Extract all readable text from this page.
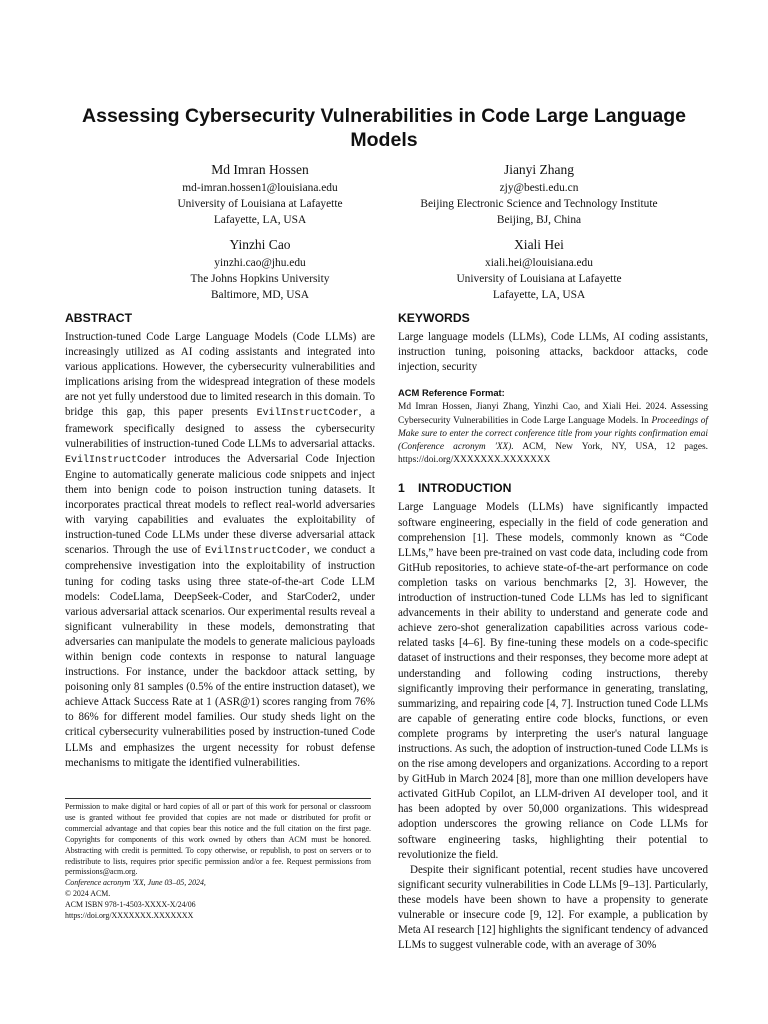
Assessing Cybersecurity Vulnerabilities in Code Large Language Models
Md Imran Hossen
md-imran.hossen1@louisiana.edu
University of Louisiana at Lafayette
Lafayette, LA, USA
Jianyi Zhang
zjy@besti.edu.cn
Beijing Electronic Science and Technology Institute
Beijing, BJ, China
Yinzhi Cao
yinzhi.cao@jhu.edu
The Johns Hopkins University
Baltimore, MD, USA
Xiali Hei
xiali.hei@louisiana.edu
University of Louisiana at Lafayette
Lafayette, LA, USA
ABSTRACT

Instruction-tuned Code Large Language Models (Code LLMs) are increasingly utilized as AI coding assistants and integrated into various applications. However, the cybersecurity vulnerabilities and implications arising from the widespread integration of these models are not yet fully understood due to limited research in this domain. To bridge this gap, this paper presents EvilInstructCoder, a framework specifically designed to assess the cybersecurity vulnerabilities of instruction-tuned Code LLMs to adversarial attacks. EvilInstructCoder introduces the Adversarial Code Injection Engine to automatically generate malicious code snippets and inject them into benign code to poison instruction tuning datasets. It incorporates practical threat models to reflect real-world adversaries with varying capabilities and evaluates the exploitability of instruction-tuned Code LLMs under these diverse adversarial attack scenarios. Through the use of EvilInstructCoder, we conduct a comprehensive investigation into the exploitability of instruction tuning for coding tasks using three state-of-the-art Code LLM models: CodeLlama, DeepSeek-Coder, and StarCoder2, under various adversarial attack scenarios. Our experimental results reveal a significant vulnerability in these models, demonstrating that adversaries can manipulate the models to generate malicious payloads within benign code contexts in response to natural language instructions. For instance, under the backdoor attack setting, by poisoning only 81 samples (0.5% of the entire instruction dataset), we achieve Attack Success Rate at 1 (ASR@1) scores ranging from 76% to 86% for different model families. Our study sheds light on the critical cybersecurity vulnerabilities posed by instruction-tuned Code LLMs and emphasizes the urgent necessity for robust defense mechanisms to mitigate the identified vulnerabilities.

Permission to make digital or hard copies of all or part of this work for personal or classroom use is granted without fee provided that copies are not made or distributed for profit or commercial advantage and that copies bear this notice and the full citation on the first page. Copyrights for components of this work owned by others than ACM must be honored. Abstracting with credit is permitted. To copy otherwise, or republish, to post on servers or to redistribute to lists, requires prior specific permission and/or a fee. Request permissions from permissions@acm.org.
Conference acronym 'XX, June 03–05, 2024,
© 2024 ACM.
ACM ISBN 978-1-4503-XXXX-X/24/06
https://doi.org/XXXXXXX.XXXXXXX
KEYWORDS

Large language models (LLMs), Code LLMs, AI coding assistants, instruction tuning, poisoning attacks, backdoor attacks, code injection, security

ACM Reference Format:

Md Imran Hossen, Jianyi Zhang, Yinzhi Cao, and Xiali Hei. 2024. Assessing Cybersecurity Vulnerabilities in Code Large Language Models. In Proceedings of Make sure to enter the correct conference title from your rights confirmation emai (Conference acronym 'XX). ACM, New York, NY, USA, 12 pages. https://doi.org/XXXXXXX.XXXXXXX

1 INTRODUCTION

Large Language Models (LLMs) have significantly impacted software engineering, especially in the field of code generation and comprehension [1]. These models, commonly known as “Code LLMs,” have been pre-trained on vast code data, including code from GitHub repositories, to achieve state-of-the-art performance on code completion tasks on various benchmarks [2, 3]. However, the introduction of instruction-tuned Code LLMs has led to significant advancements in their ability to understand and generate code and achieve zero-shot generalization capabilities across various code-related tasks [4–6]. By fine-tuning these models on a code-specific dataset of instructions and their responses, they become more adept at understanding and following coding instructions, thereby significantly improving their performance in generating, translating, summarizing, and repairing code [4, 7]. Instruction tuned Code LLMs are capable of generating entire code blocks, functions, or even complete programs by interpreting the user's natural language instructions. As such, the adoption of instruction-tuned Code LLMs is on the rise among developers and organizations. According to a report by GitHub in March 2024 [8], more than one million developers have activated GitHub Copilot, an LLM-driven AI developer tool, and it has been adopted by over 50,000 organizations. This widespread adoption underscores the growing reliance on Code LLMs for software engineering tasks, highlighting their potential to revolutionize the field.

Despite their significant potential, recent studies have uncovered significant security vulnerabilities in Code LLMs [9–13]. Particularly, these models have been shown to have a propensity to generate vulnerable or insecure code [9, 12]. For example, a publication by Meta AI research [12] highlights the significant tendency of advanced LLMs to suggest vulnerable code, with an average of 30%
